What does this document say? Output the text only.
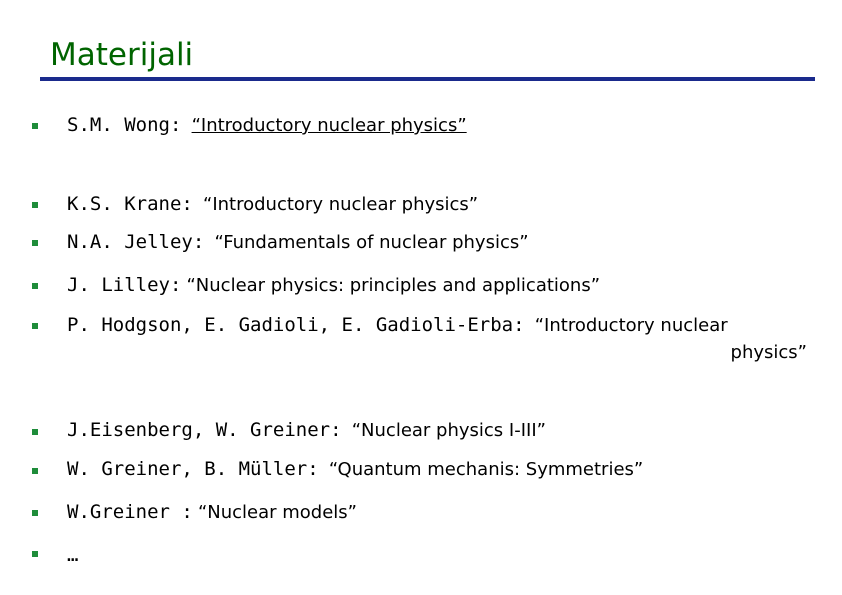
Materijali
S.M. Wong: “Introductory nuclear physics”
K.S. Krane: “Introductory nuclear physics”
N.A. Jelley: “Fundamentals of nuclear physics”
J. Lilley: “Nuclear physics: principles and applications”
P. Hodgson, E. Gadioli, E. Gadioli-Erba: “Introductory nuclear
physics”
J.Eisenberg, W. Greiner: “Nuclear physics I-III”
W. Greiner, B. Müller: “Quantum mechanis: Symmetries”
W.Greiner : “Nuclear models”
…
